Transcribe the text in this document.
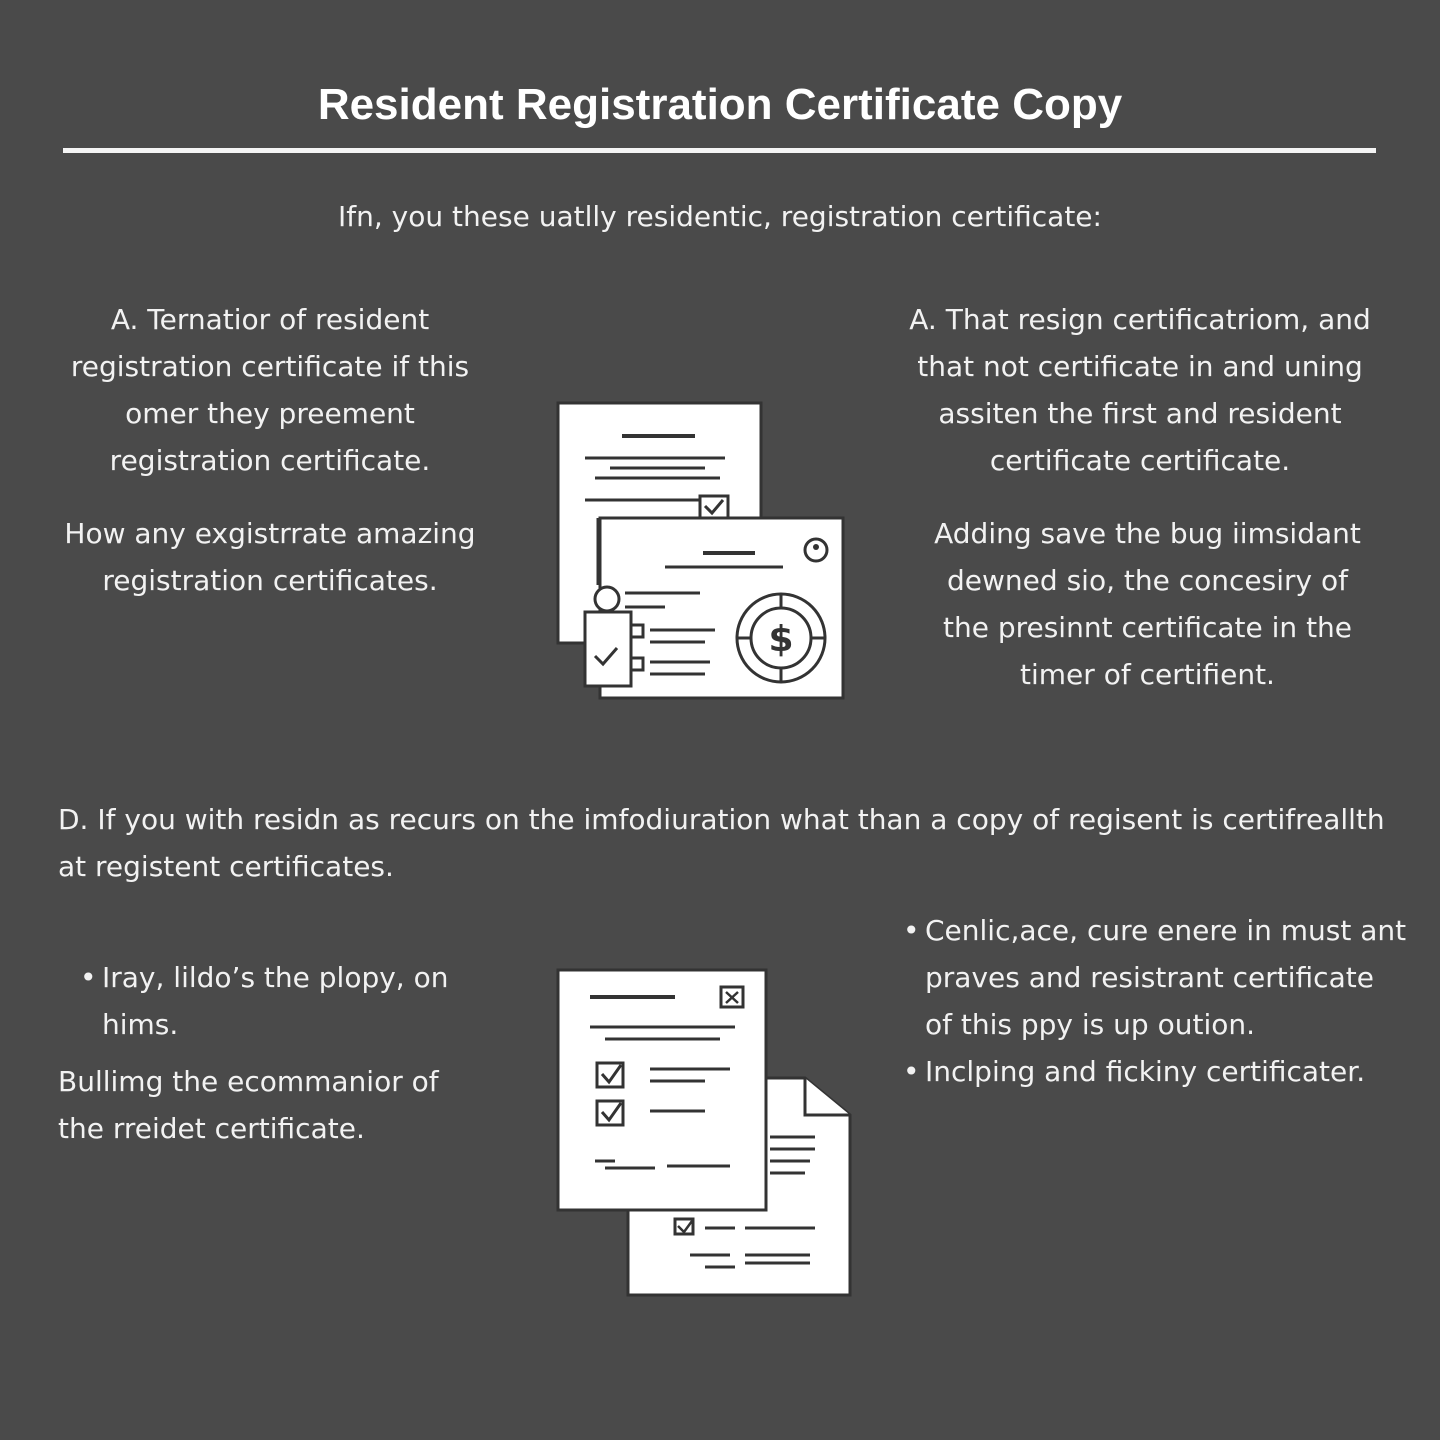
Resident Registration Certificate Copy

Ifn, you these uatlly residentic, registration certificate:

A. Ternatior of resident registration certificate if this omer they preement registration certificate.

How any exgistrrate amazing registration certificates.

A. That resign certificatriom, and that not certificate in and uning assiten the first and resident certificate certificate.

Adding save the bug iimsidant dewned sio, the concesiry of the presinnt certificate in the timer of certifient.

$

D. If you with residn as recurs on the imfodiuration what than a copy of regisent is certifreallth at registent certificates.

• Iray, lildo’s the plopy, on hims.

Bullimg the ecommanior of the rreidet certificate.

• Cenlic,ace, cure enere in must ant praves and resistrant certificate of this ppy is up oution.
• Inclping and fickiny certificater.
